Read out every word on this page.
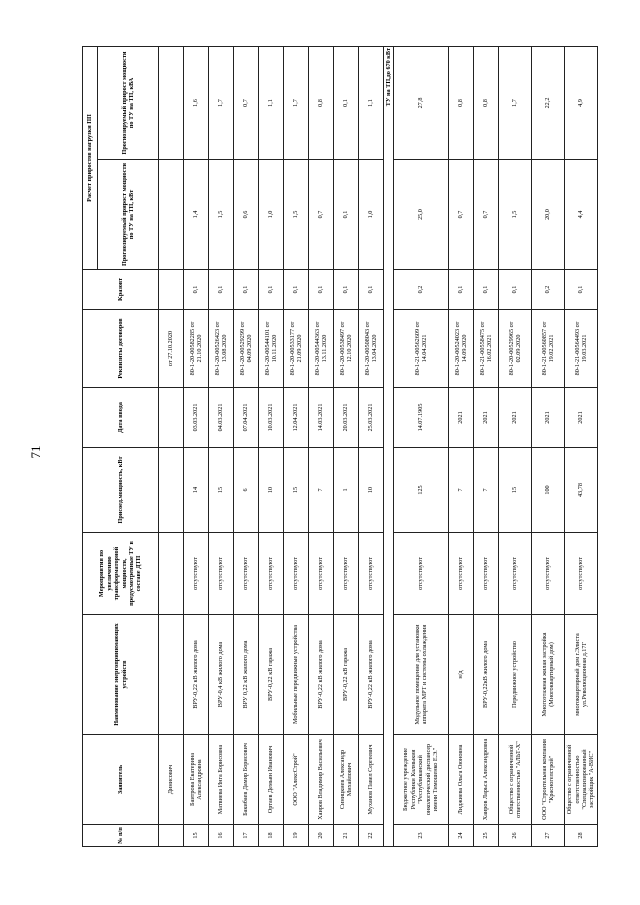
71
№ п/п	Заявитель	Наименование энергопринимающих устройств	Мероприятия по увеличению трансформаторной мощности, предусмотренные ТУ в составе ДТП	Присоед.мощность, кВт	Дата ввода	Реквизиты договоров	Kразовт	Расчет приростов нагрузки ПП	
								Прогнозируемый прирост мощности по ТУ на ТП, кВт	Прогнозируемый прирост мощности по ТУ на ТП, кВА
	Динисович					от 27.10.2020			
15	Баитрова Екатерина Александровна	ВРУ-0,22 кВ жилого дома	отсутствуют	14	03.03.2021	80-1-20-00582285 от 21.10.2020	0,1	1,4	1,6
16	Матвиева Инга Борисовна	ВРУ-0,4 кВ жилого дома	отсутствуют	15	04.03.2021	80-1-20-00526423 от 13.08.2020	0,1	1,5	1,7
17	Бакибаев Дамир Борисович	ВРУ 0,22 кВ жилого дома	отсутствуют	6	07.04.2021	80-1-20-00529299 от 04.09.2020	0,1	0,6	0,7
18	Ортаев Демьян Иванович	ВРУ-0,22 кВ гаража	отсутствуют	10	10.03.2021	80-1-20-00544101 от 10.11.2020	0,1	1,0	1,1
19	ООО "АлексСтрой"	Мобильные передвижные устройства	отсутствуют	15	12.04.2021	80-1-20-00533177 от 21.09.2020	0,1	1,5	1,7
20	Хаиров Владимир Васильевич	ВРУ-0,22 кВ жилого дома	отсутствуют	7	14.03.2021	80-1-20-00544363 от 13.11.2020	0,1	0,7	0,8
21	Синицкиев Александр Михайлович	ВРУ-0,22 кВ гаража	отсутствуют	1	20.03.2021	80-1-20-00538497 от 12.10.2020	0,1	0,1	0,1
22	Муханов Павел Сергеевич	ВРУ-0,22 кВ жилого дома	отсутствуют	10	25.03.2021	80-1-20-00508043 от 13.04.2020	0,1	1,0	1,1
ТУ на ТП,до 670 кВт									
23	Бюджетное учреждение Республики Калмыкия "Республиканский онкологический диспансер имени Тимошенко Е.Э."	Модульное помещение для установки аппарата МРТ и системы охлаждения	отсутствуют	125	14.07.1905	80-1-21-00562609 от 14.04.2021	0,2	25,0	27,8
24	Лиджиева Ольга Оюновна	н/д	отсутствуют	7	2021	80-1-20-00524023 от 14.09.2020	0,1	0,7	0,8
25	Хаиров Ларьса Александровна	ВРУ-0,22кВ жилого дома	отсутствуют	7	2021	80-1-21-00558475 от 16.02.2021	0,1	0,7	0,8
26	Общество с ограниченной ответственностью "АЛЬТ-Х"	Передвижное устройство	отсутствуют	15	2021	80-1-20-00529965 от 02.09.2020	0,1	1,5	1,7
27	ООО "Строительная компания "Красногелстрой"	Многоэтажная жилая застройка (Многоквартирный дом)	отсутствуют	100	2021	80-1-21-00560857 от 19.02.2021	0,2	20,0	22,2
28	Общество с ограниченной ответственностью "Специализированный застройщик "А-ВИС"	многоквартирный дом г.Элиста ул.Революционная д.17Г	отсутствуют	43,78	2021	80-1-21-00564493 от 19.03.2021	0,1	4,4	4,9
